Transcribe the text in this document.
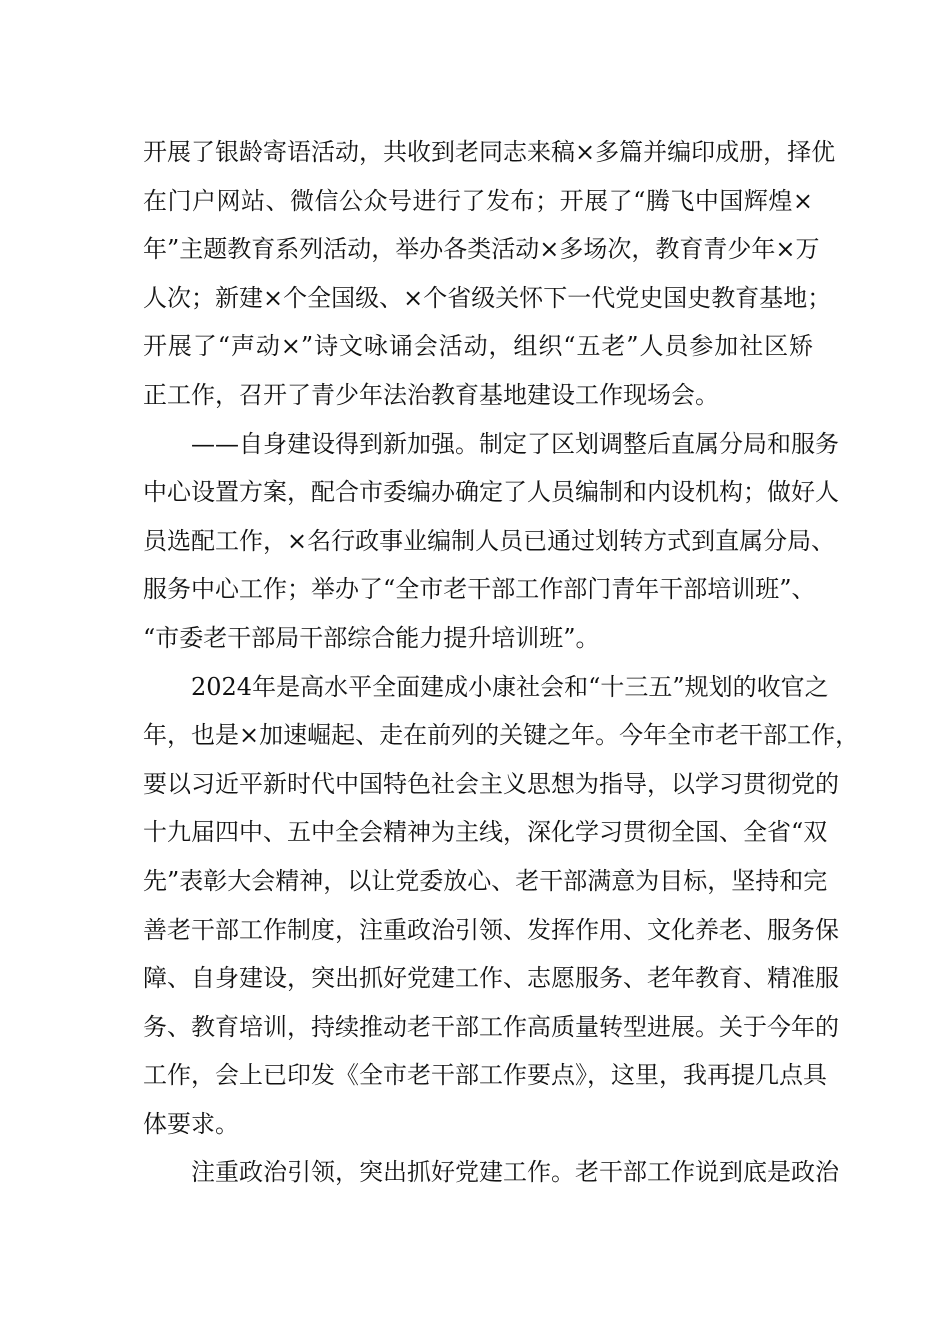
开展了银龄寄语活动，共收到老同志来稿×多篇并编印成册，择优
在门户网站、微信公众号进行了发布；开展了“腾飞中国辉煌×
年”主题教育系列活动，举办各类活动×多场次，教育青少年×万
人次；新建×个全国级、×个省级关怀下一代党史国史教育基地；
开展了“声动×”诗文咏诵会活动，组织“五老”人员参加社区矫
正工作，召开了青少年法治教育基地建设工作现场会。
——自身建设得到新加强。制定了区划调整后直属分局和服务
中心设置方案，配合市委编办确定了人员编制和内设机构；做好人
员选配工作，×名行政事业编制人员已通过划转方式到直属分局、
服务中心工作；举办了“全市老干部工作部门青年干部培训班”、
“市委老干部局干部综合能力提升培训班”。
2024年是高水平全面建成小康社会和“十三五”规划的收官之
年，也是×加速崛起、走在前列的关键之年。今年全市老干部工作，
要以习近平新时代中国特色社会主义思想为指导，以学习贯彻党的
十九届四中、五中全会精神为主线，深化学习贯彻全国、全省“双
先”表彰大会精神，以让党委放心、老干部满意为目标，坚持和完
善老干部工作制度，注重政治引领、发挥作用、文化养老、服务保
障、自身建设，突出抓好党建工作、志愿服务、老年教育、精准服
务、教育培训，持续推动老干部工作高质量转型进展。关于今年的
工作，会上已印发《全市老干部工作要点》，这里，我再提几点具
体要求。
注重政治引领，突出抓好党建工作。老干部工作说到底是政治
